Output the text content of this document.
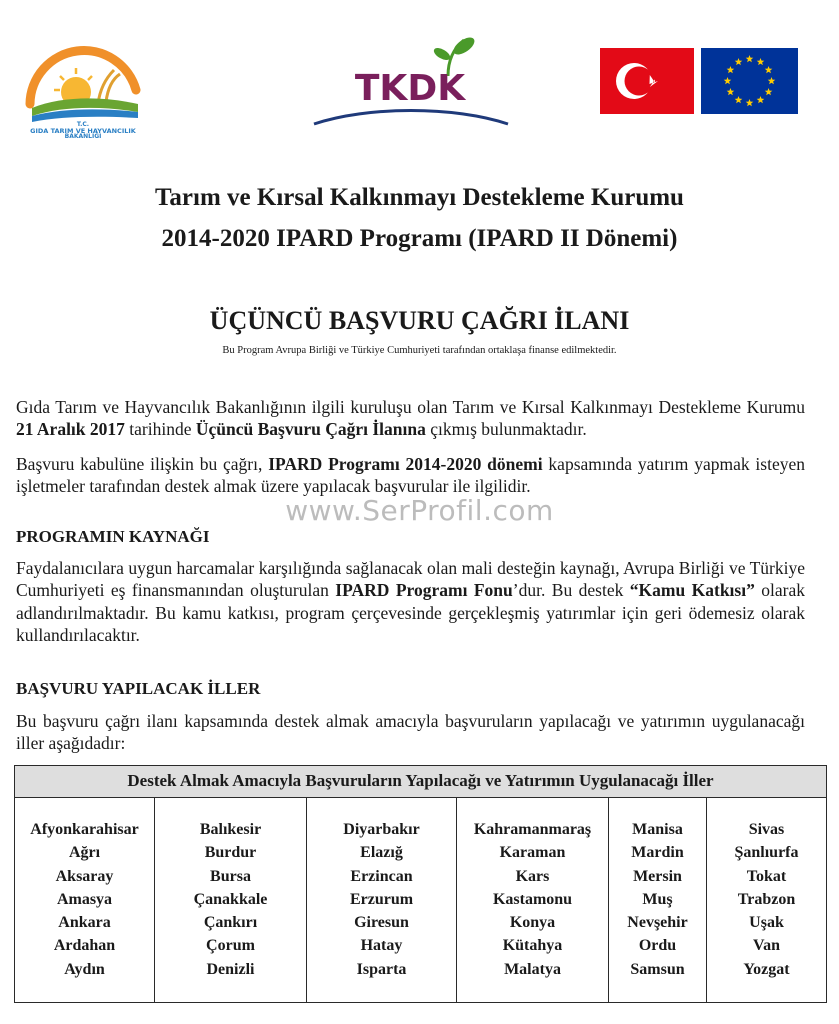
T.C.
GIDA TARIM VE HAYVANCILIK
BAKANLIĞI
TKDK
Tarım ve Kırsal Kalkınmayı Destekleme Kurumu
2014-2020 IPARD Programı (IPARD II Dönemi)
ÜÇÜNCÜ BAŞVURU ÇAĞRI İLANI
Bu Program Avrupa Birliği ve Türkiye Cumhuriyeti tarafından ortaklaşa finanse edilmektedir.
Gıda Tarım ve Hayvancılık Bakanlığının ilgili kuruluşu olan Tarım ve Kırsal Kalkınmayı Destekleme Kurumu 21 Aralık 2017 tarihinde Üçüncü Başvuru Çağrı İlanına çıkmış bulunmaktadır.
Başvuru kabulüne ilişkin bu çağrı, IPARD Programı 2014-2020 dönemi kapsamında yatırım yapmak isteyen işletmeler tarafından destek almak üzere yapılacak başvurular ile ilgilidir.
www.SerProfil.com
PROGRAMIN KAYNAĞI
Faydalanıcılara uygun harcamalar karşılığında sağlanacak olan mali desteğin kaynağı, Avrupa Birliği ve Türkiye Cumhuriyeti eş finansmanından oluşturulan IPARD Programı Fonu’dur. Bu destek “Kamu Katkısı” olarak adlandırılmaktadır. Bu kamu katkısı, program çerçevesinde gerçekleşmiş yatırımlar için geri ödemesiz olarak kullandırılacaktır.
BAŞVURU YAPILACAK İLLER
Bu başvuru çağrı ilanı kapsamında destek almak amacıyla başvuruların yapılacağı ve yatırımın uygulanacağı iller aşağıdadır:
Destek Almak Amacıyla Başvuruların Yapılacağı ve Yatırımın Uygulanacağı İller
Afyonkarahisar
Ağrı
Aksaray
Amasya
Ankara
Ardahan
Aydın
Balıkesir
Burdur
Bursa
Çanakkale
Çankırı
Çorum
Denizli
Diyarbakır
Elazığ
Erzincan
Erzurum
Giresun
Hatay
Isparta
Kahramanmaraş
Karaman
Kars
Kastamonu
Konya
Kütahya
Malatya
Manisa
Mardin
Mersin
Muş
Nevşehir
Ordu
Samsun
Sivas
Şanlıurfa
Tokat
Trabzon
Uşak
Van
Yozgat
